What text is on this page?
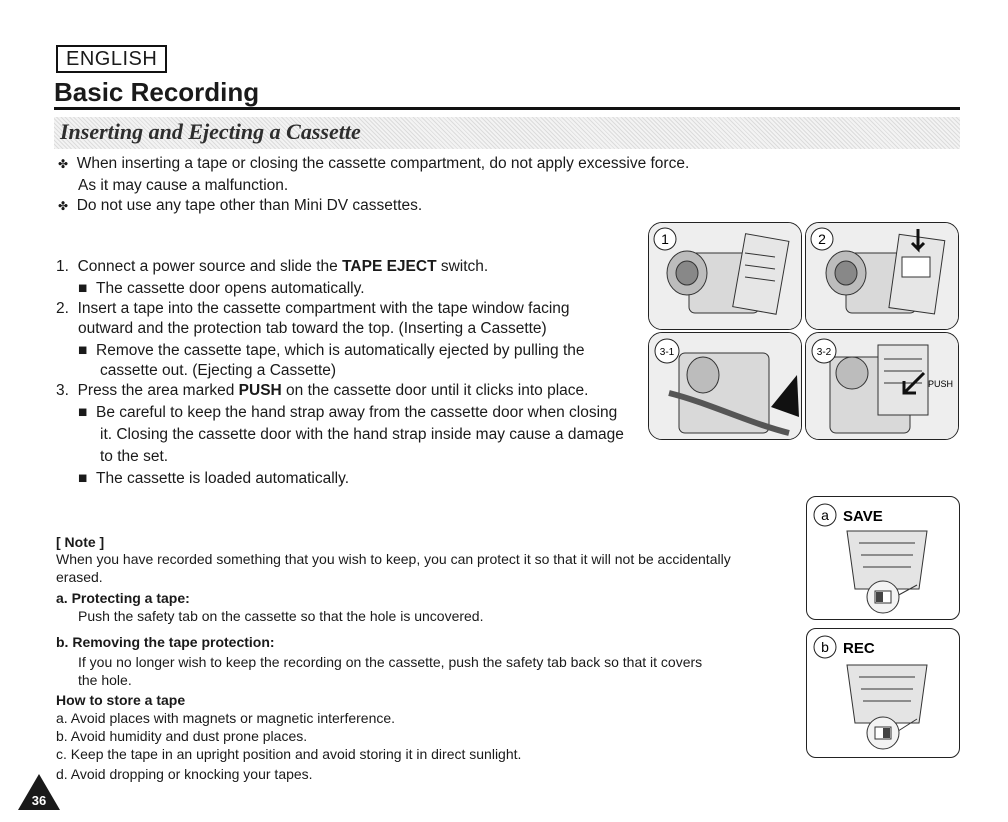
ENGLISH
Basic Recording
Inserting and Ejecting a Cassette
✤ When inserting a tape or closing the cassette compartment, do not apply excessive force.
As it may cause a malfunction.
✤ Do not use any tape other than Mini DV cassettes.
1. Connect a power source and slide the TAPE EJECT switch.
■ The cassette door opens automatically.
2. Insert a tape into the cassette compartment with the tape window facing
outward and the protection tab toward the top. (Inserting a Cassette)
■ Remove the cassette tape, which is automatically ejected by pulling the
cassette out. (Ejecting a Cassette)
3. Press the area marked PUSH on the cassette door until it clicks into place.
■ Be careful to keep the hand strap away from the cassette door when closing
it. Closing the cassette door with the hand strap inside may cause a damage
to the set.
■ The cassette is loaded automatically.
1	2
3-1
PUSH
3-2
[ Note ]
When you have recorded something that you wish to keep, you can protect it so that it will not be accidentally
erased.
a. Protecting a tape:
Push the safety tab on the cassette so that the hole is uncovered.
b. Removing the tape protection:
If you no longer wish to keep the recording on the cassette, push the safety tab back so that it covers
the hole.
How to store a tape
a. Avoid places with magnets or magnetic interference.
b. Avoid humidity and dust prone places.
c. Keep the tape in an upright position and avoid storing it in direct sunlight.
d. Avoid dropping or knocking your tapes.
a SAVE
b REC
36
